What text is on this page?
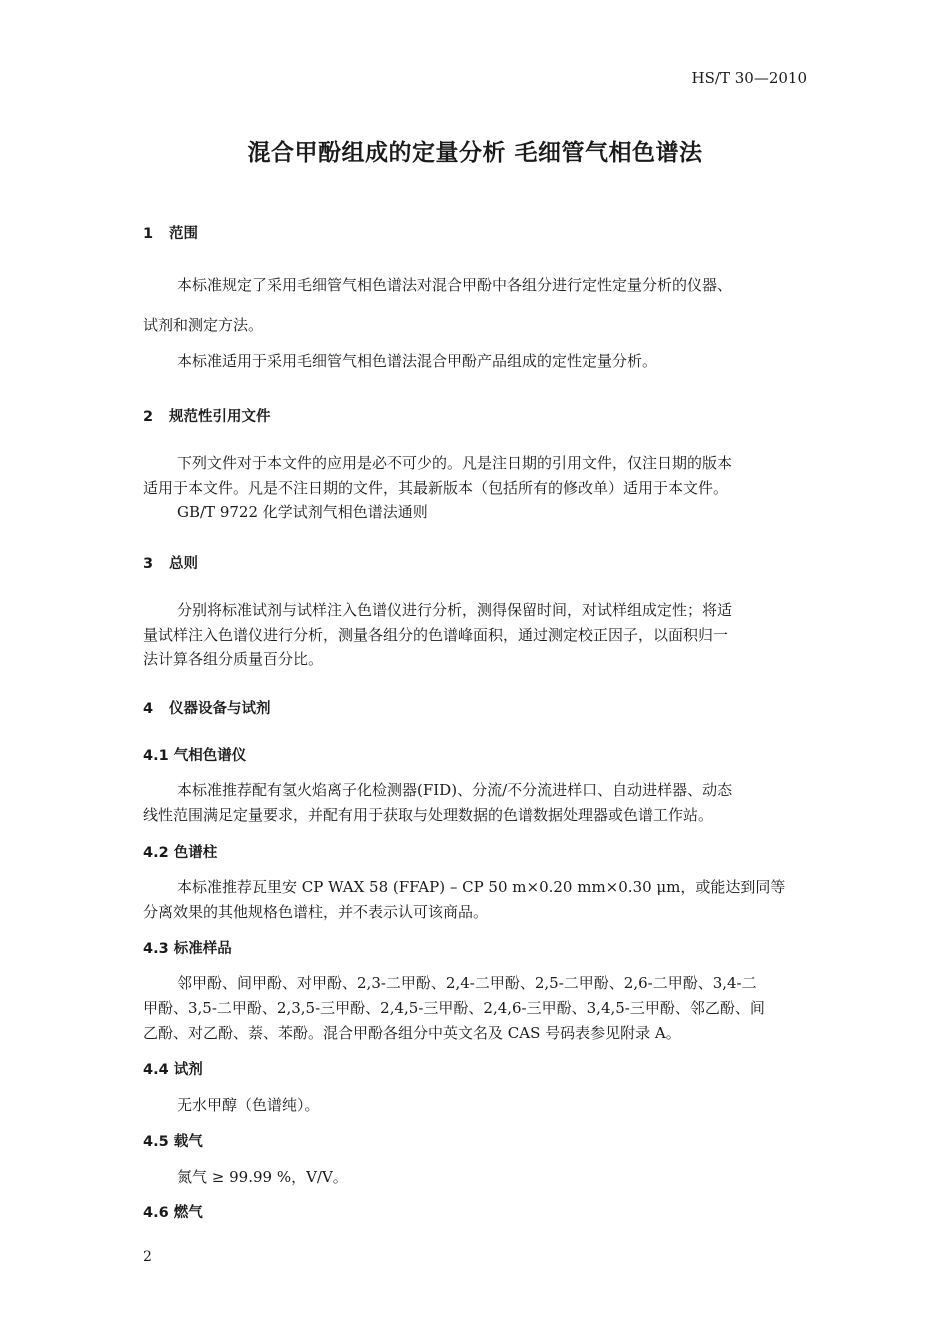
HS/T 30—2010
混合甲酚组成的定量分析 毛细管气相色谱法
1 范围
本标准规定了采用毛细管气相色谱法对混合甲酚中各组分进行定性定量分析的仪器、
试剂和测定方法。
本标准适用于采用毛细管气相色谱法混合甲酚产品组成的定性定量分析。
2 规范性引用文件
下列文件对于本文件的应用是必不可少的。凡是注日期的引用文件，仅注日期的版本
适用于本文件。凡是不注日期的文件，其最新版本（包括所有的修改单）适用于本文件。
GB/T 9722 化学试剂气相色谱法通则
3 总则
分别将标准试剂与试样注入色谱仪进行分析，测得保留时间，对试样组成定性；将适
量试样注入色谱仪进行分析，测量各组分的色谱峰面积，通过测定校正因子，以面积归一
法计算各组分质量百分比。
4 仪器设备与试剂
4.1 气相色谱仪
本标准推荐配有氢火焰离子化检测器(FID)、分流/不分流进样口、自动进样器、动态
线性范围满足定量要求，并配有用于获取与处理数据的色谱数据处理器或色谱工作站。
4.2 色谱柱
本标准推荐瓦里安 CP WAX 58 (FFAP) – CP 50 m×0.20 mm×0.30 μm，或能达到同等
分离效果的其他规格色谱柱，并不表示认可该商品。
4.3 标准样品
邻甲酚、间甲酚、对甲酚、2,3-二甲酚、2,4-二甲酚、2,5-二甲酚、2,6-二甲酚、3,4-二
甲酚、3,5-二甲酚、2,3,5-三甲酚、2,4,5-三甲酚、2,4,6-三甲酚、3,4,5-三甲酚、邻乙酚、间
乙酚、对乙酚、萘、苯酚。混合甲酚各组分中英文名及 CAS 号码表参见附录 A。
4.4 试剂
无水甲醇（色谱纯）。
4.5 载气
氮气 ≥ 99.99 %，V/V。
4.6 燃气
2
